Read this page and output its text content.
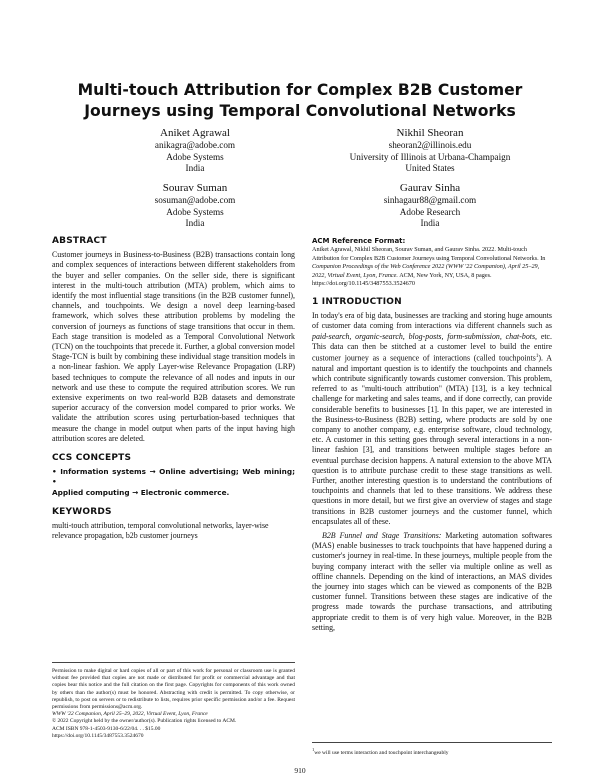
Multi-touch Attribution for Complex B2B Customer Journeys using Temporal Convolutional Networks
Aniket Agrawal
anikagra@adobe.com
Adobe Systems
India
Nikhil Sheoran
sheoran2@illinois.edu
University of Illinois at Urbana-Champaign
United States
Sourav Suman
sosuman@adobe.com
Adobe Systems
India
Gaurav Sinha
sinhagaur88@gmail.com
Adobe Research
India
ABSTRACT

Customer journeys in Business-to-Business (B2B) transactions contain long and complex sequences of interactions between different stakeholders from the buyer and seller companies. On the seller side, there is significant interest in the multi-touch attribution (MTA) problem, which aims to identify the most influential stage transitions (in the B2B customer funnel), channels, and touchpoints. We design a novel deep learning-based framework, which solves these attribution problems by modeling the conversion of journeys as functions of stage transitions that occur in them. Each stage transition is modeled as a Temporal Convolutional Network (TCN) on the touchpoints that precede it. Further, a global conversion model Stage-TCN is built by combining these individual stage transition models in a non-linear fashion. We apply Layer-wise Relevance Propagation (LRP) based techniques to compute the relevance of all nodes and inputs in our network and use these to compute the required attribution scores. We run extensive experiments on two real-world B2B datasets and demonstrate superior accuracy of the conversion model compared to prior works. We validate the attribution scores using perturbation-based techniques that measure the change in model output when parts of the input having high attribution scores are deleted.

CCS CONCEPTS
• Information systems → Online advertising; Web mining; •
Applied computing → Electronic commerce.
KEYWORDS

multi-touch attribution, temporal convolutional networks, layer-wise relevance propagation, b2b customer journeys

Permission to make digital or hard copies of all or part of this work for personal or classroom use is granted without fee provided that copies are not made or distributed for profit or commercial advantage and that copies bear this notice and the full citation on the first page. Copyrights for components of this work owned by others than the author(s) must be honored. Abstracting with credit is permitted. To copy otherwise, or republish, to post on servers or to redistribute to lists, requires prior specific permission and/or a fee. Request permissions from permissions@acm.org.
WWW '22 Companion, April 25–29, 2022, Virtual Event, Lyon, France
© 2022 Copyright held by the owner/author(s). Publication rights licensed to ACM.
ACM ISBN 978-1-4503-9130-6/22/04. . . $15.00
https://doi.org/10.1145/3487553.3524670
ACM Reference Format:

Aniket Agrawal, Nikhil Sheoran, Sourav Suman, and Gaurav Sinha. 2022. Multi-touch Attribution for Complex B2B Customer Journeys using Temporal Convolutional Networks. In Companion Proceedings of the Web Conference 2022 (WWW '22 Companion), April 25–29, 2022, Virtual Event, Lyon, France. ACM, New York, NY, USA, 8 pages. https://doi.org/10.1145/3487553.3524670

1 INTRODUCTION

In today's era of big data, businesses are tracking and storing huge amounts of customer data coming from interactions via different channels such as paid-search, organic-search, blog-posts, form-submission, chat-bots, etc. This data can then be stitched at a customer level to build the entire customer journey as a sequence of interactions (called touchpoints$^1$). A natural and important question is to identify the touchpoints and channels which contribute significantly towards customer conversion. This problem, referred to as "multi-touch attribution" (MTA) [13], is a key technical challenge for marketing and sales teams, and if done correctly, can provide considerable benefits to businesses [1]. In this paper, we are interested in the Business-to-Business (B2B) setting, where products are sold by one company to another company, e.g. enterprise software, cloud technology, etc. A customer in this setting goes through several interactions in a non-linear fashion [3], and transitions between multiple stages before an eventual purchase decision happens. A natural extension to the above MTA question is to attribute purchase credit to these stage transitions as well. Further, another interesting question is to understand the contributions of touchpoints and channels that led to these transitions. We address these questions in more detail, but we first give an overview of stages and stage transitions in B2B customer journeys and the customer funnel, which encapsulates all of these.

B2B Funnel and Stage Transitions: Marketing automation softwares (MAS) enable businesses to track touchpoints that have happened during a customer's journey in real-time. In these journeys, multiple people from the buying company interact with the seller via multiple online as well as offline channels. Depending on the kind of interactions, an MAS divides the journey into stages which can be viewed as components of the B2B customer funnel. Transitions between these stages are indicative of the progress made towards the purchase transactions, and attributing appropriate credit to them is of very high value. Moreover, in the B2B setting,

$^1$we will use terms interaction and touchpoint interchangeably
910
